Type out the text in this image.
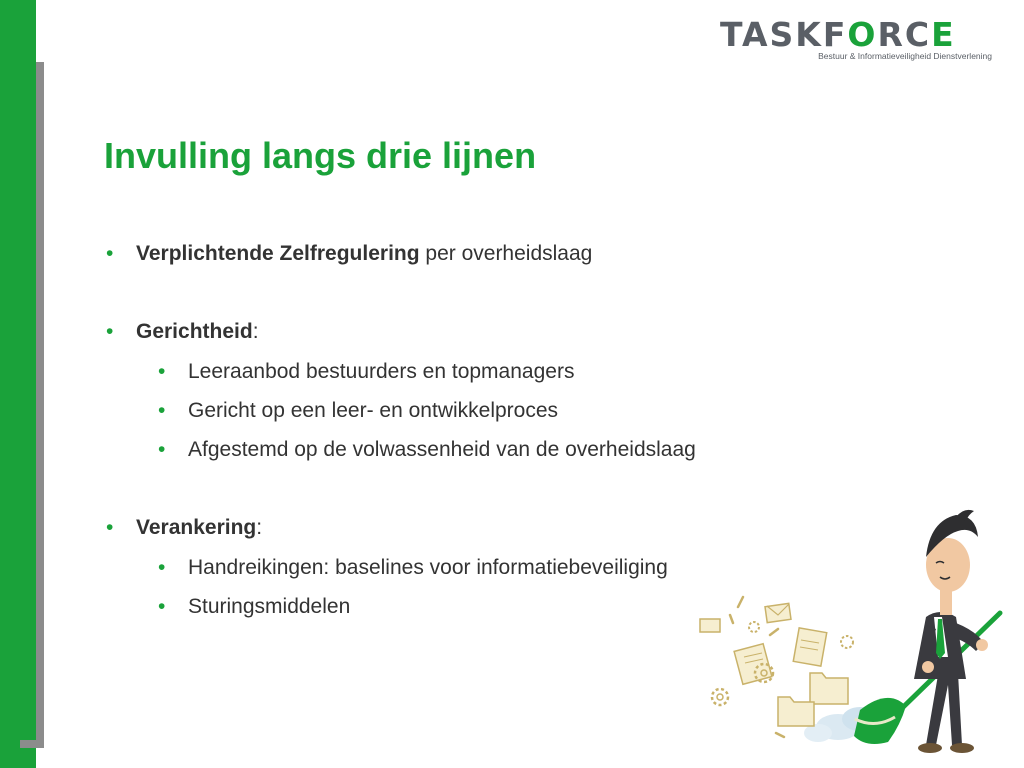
TASKFORCE
Bestuur & Informatieveiligheid Dienstverlening
Invulling langs drie lijnen
• Verplichtende Zelfregulering per overheidslaag
• Gerichtheid:
• Leeraanbod bestuurders en topmanagers
• Gericht op een leer- en ontwikkelproces
• Afgestemd op de volwassenheid van de overheidslaag
• Verankering:
• Handreikingen: baselines voor informatiebeveiliging
• Sturingsmiddelen
